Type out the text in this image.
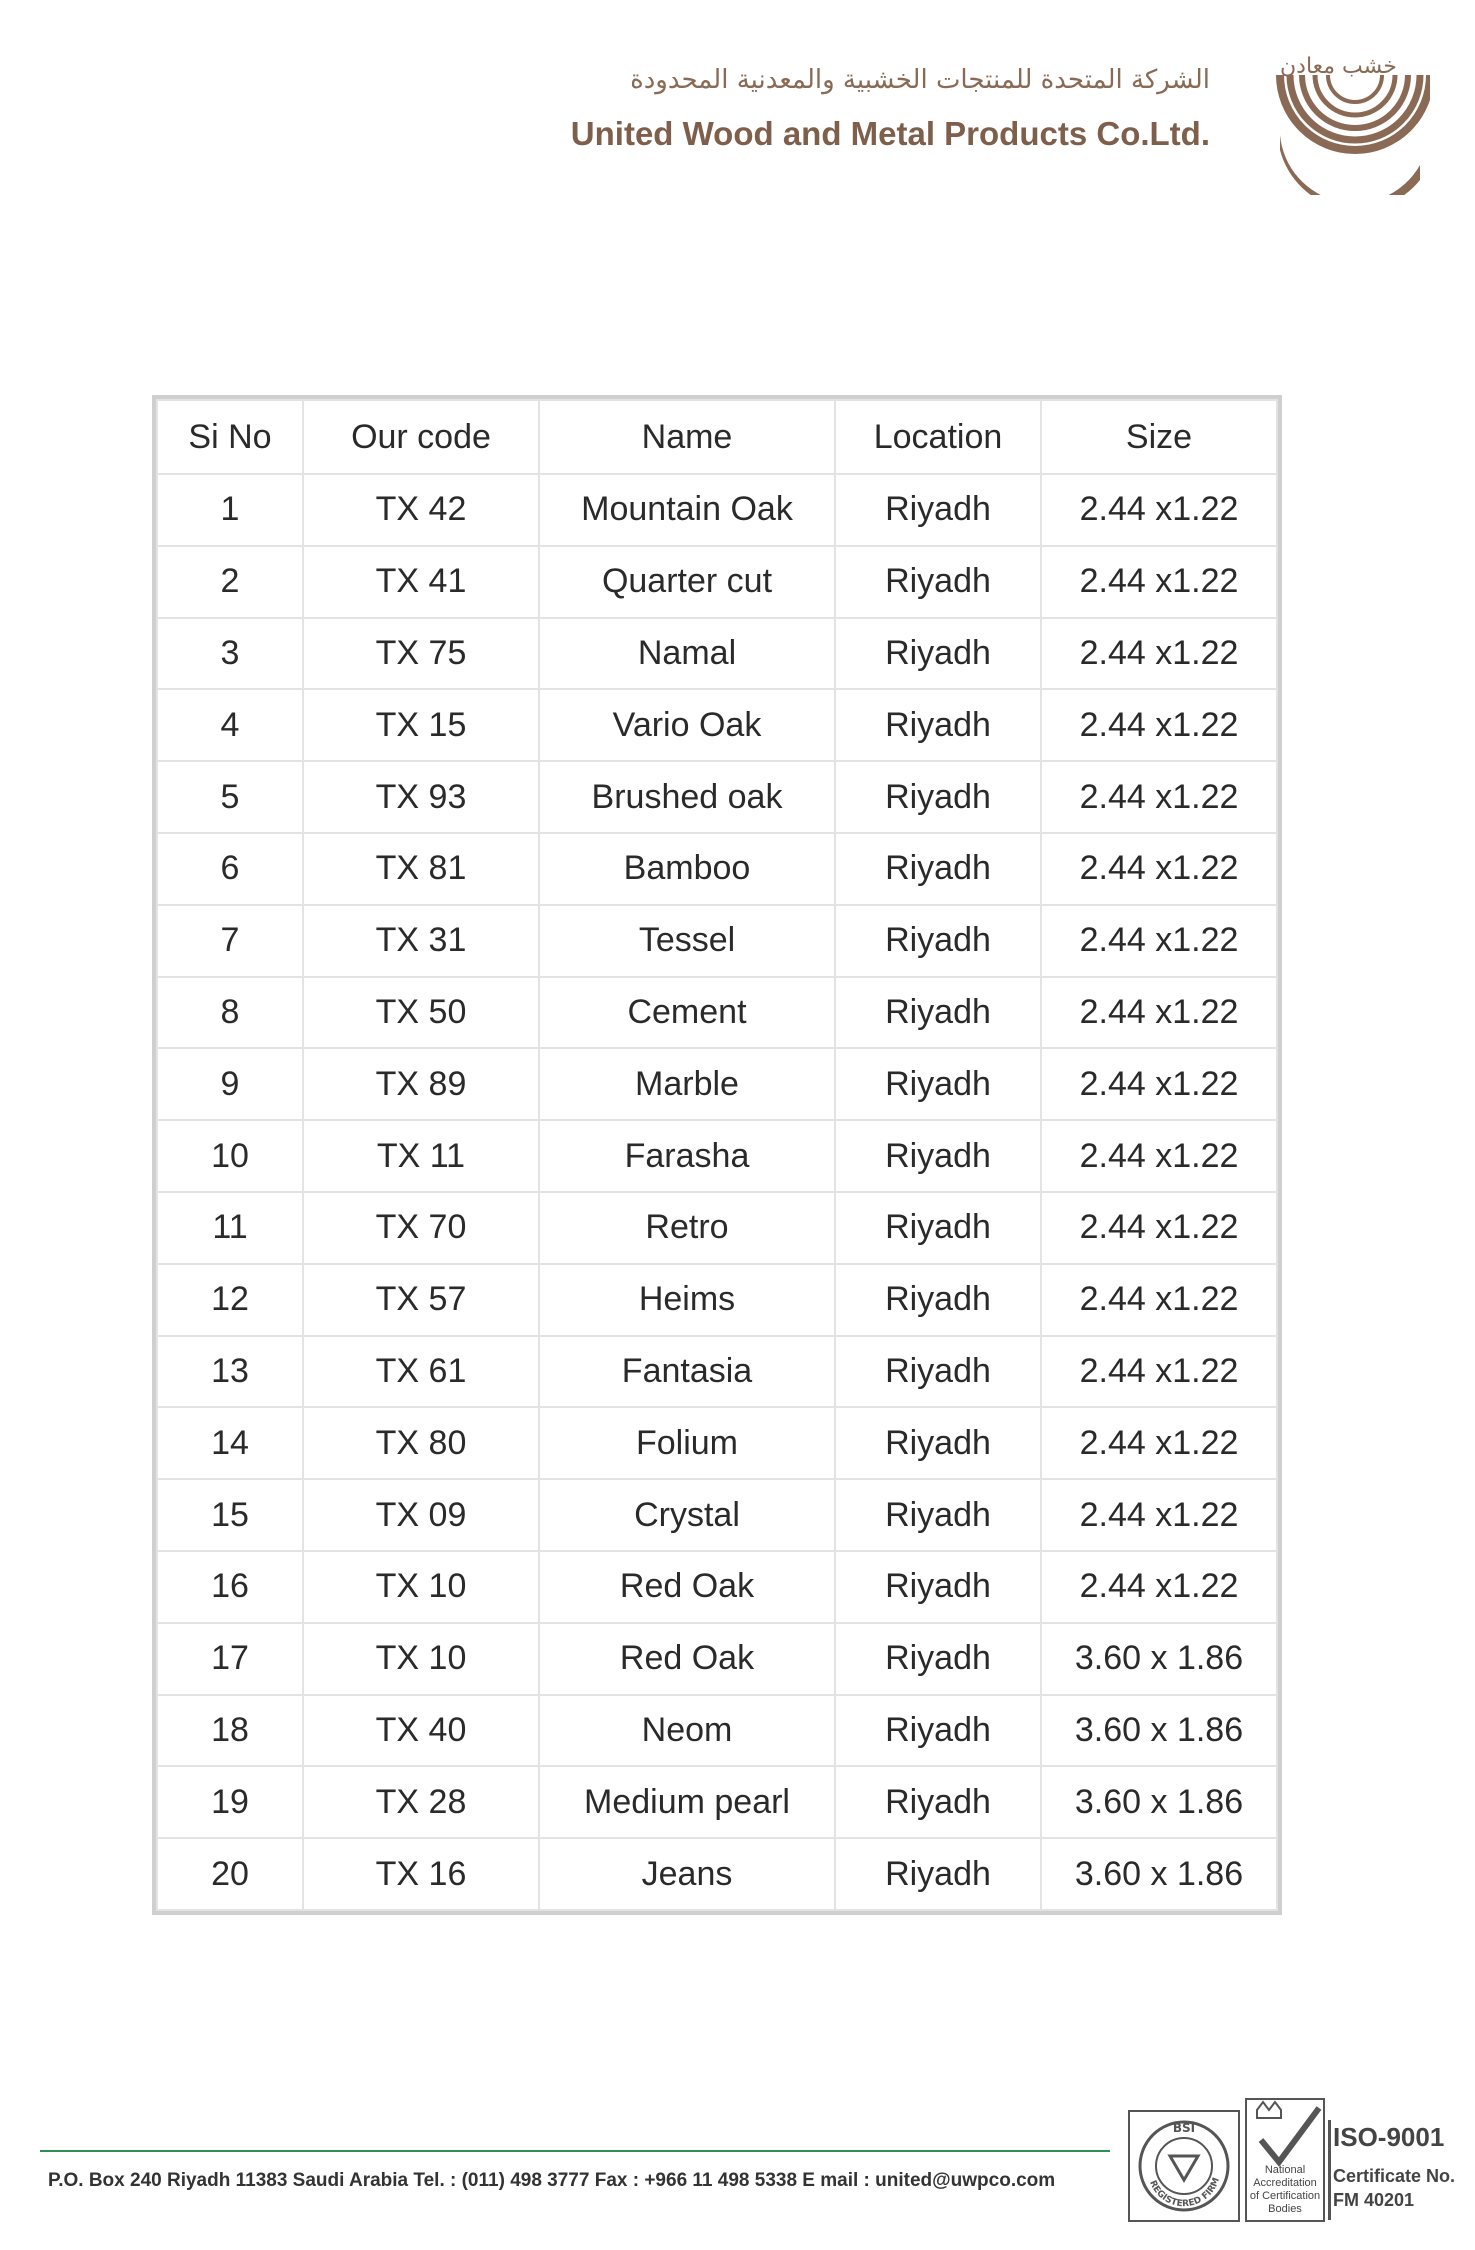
الشركة المتحدة للمنتجات الخشبية والمعدنية المحدودة
United Wood and Metal Products Co.Ltd.
خشب معادن
Si No	Our code	Name	Location	Size
1	TX 42	Mountain Oak	Riyadh	2.44 x1.22
2	TX 41	Quarter cut	Riyadh	2.44 x1.22
3	TX 75	Namal	Riyadh	2.44 x1.22
4	TX 15	Vario Oak	Riyadh	2.44 x1.22
5	TX 93	Brushed oak	Riyadh	2.44 x1.22
6	TX 81	Bamboo	Riyadh	2.44 x1.22
7	TX 31	Tessel	Riyadh	2.44 x1.22
8	TX 50	Cement	Riyadh	2.44 x1.22
9	TX 89	Marble	Riyadh	2.44 x1.22
10	TX 11	Farasha	Riyadh	2.44 x1.22
11	TX 70	Retro	Riyadh	2.44 x1.22
12	TX 57	Heims	Riyadh	2.44 x1.22
13	TX 61	Fantasia	Riyadh	2.44 x1.22
14	TX 80	Folium	Riyadh	2.44 x1.22
15	TX 09	Crystal	Riyadh	2.44 x1.22
16	TX 10	Red Oak	Riyadh	2.44 x1.22
17	TX 10	Red Oak	Riyadh	3.60 x 1.86
18	TX 40	Neom	Riyadh	3.60 x 1.86
19	TX 28	Medium pearl	Riyadh	3.60 x 1.86
20	TX 16	Jeans	Riyadh	3.60 x 1.86
P.O. Box 240 Riyadh 11383 Saudi Arabia Tel. : (011) 498 3777 Fax : +966 11 498 5338 E mail : united@uwpco.com
BSI
REGISTERED FIRM
National Accreditation of Certification Bodies
ISO-9001
Certificate No.
FM 40201
